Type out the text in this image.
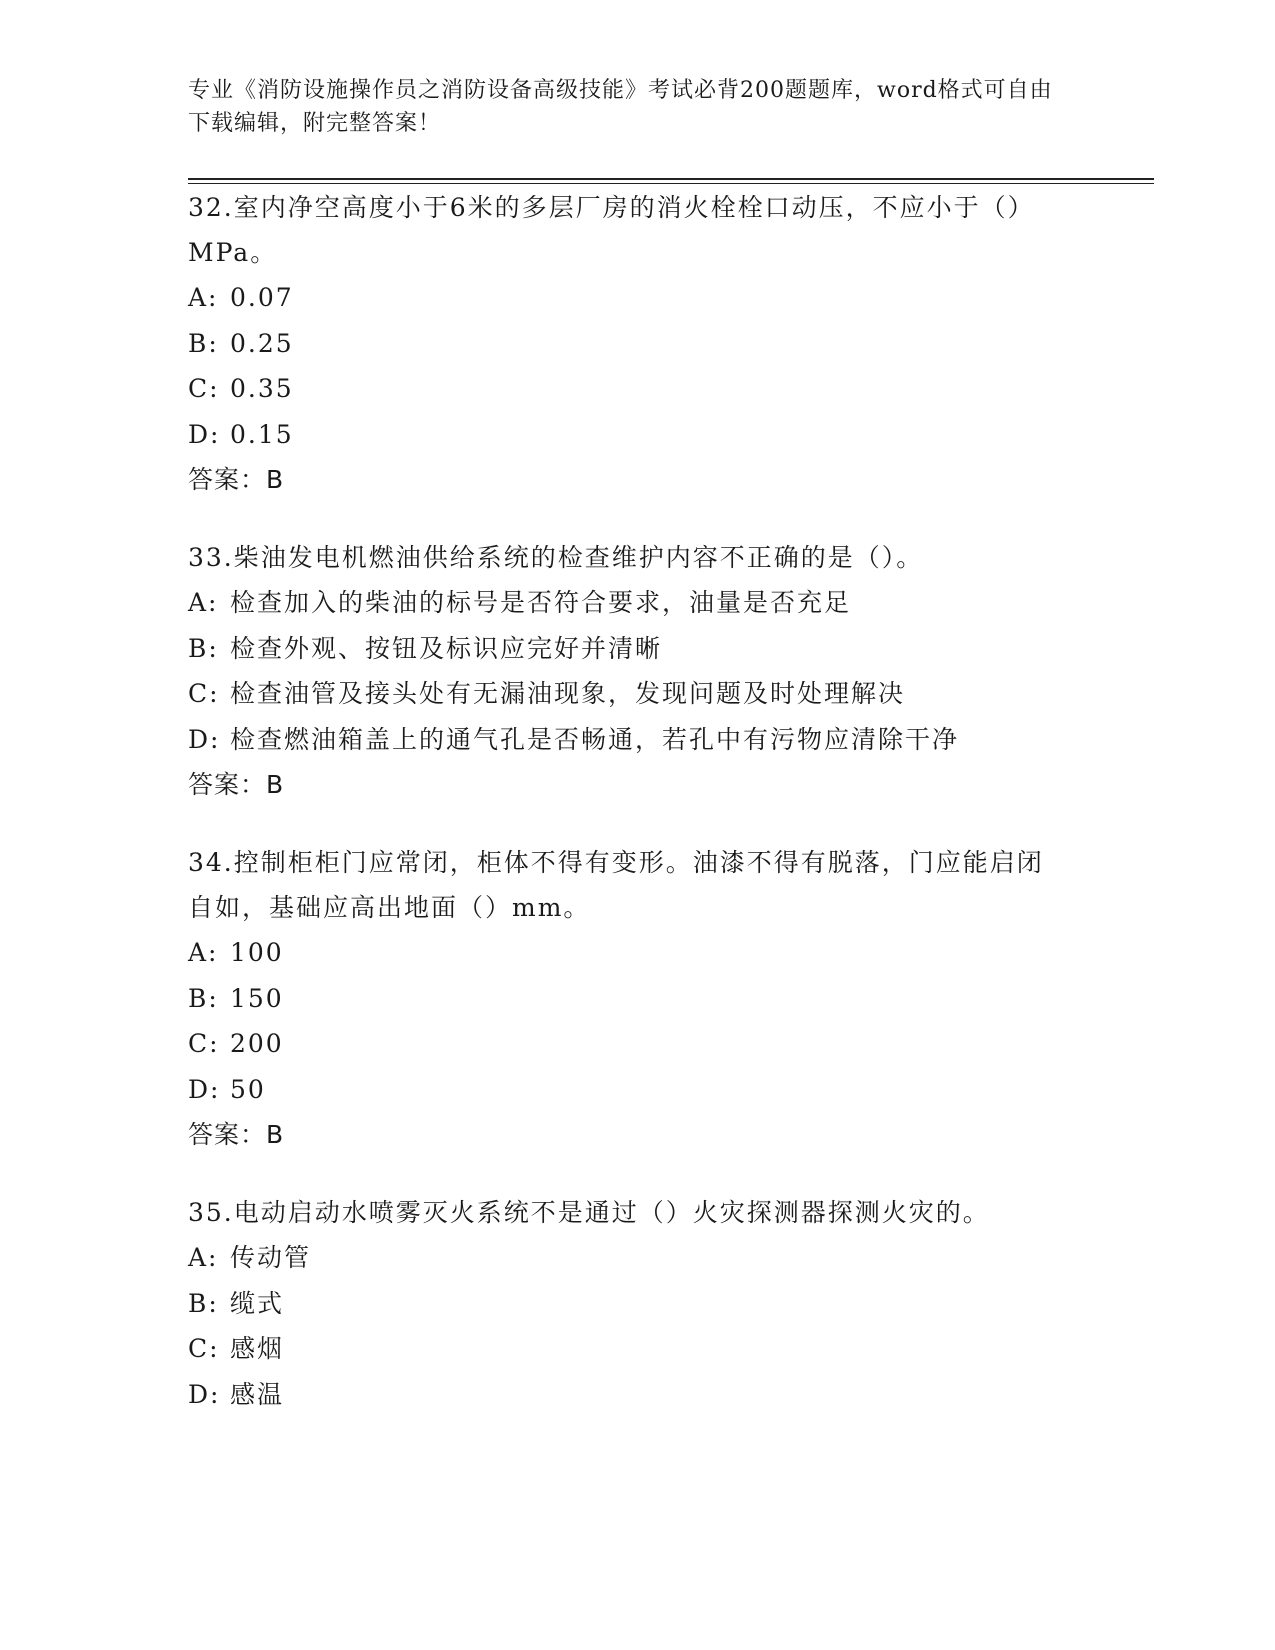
专业《消防设施操作员之消防设备高级技能》考试必背200题题库，word格式可自由下载编辑，附完整答案！

32.室内净空高度小于6米的多层厂房的消火栓栓口动压，不应小于（）MPa。

A: 0.07
B: 0.25
C: 0.35
D: 0.15
答案：B

33.柴油发电机燃油供给系统的检查维护内容不正确的是（）。

A: 检查加入的柴油的标号是否符合要求，油量是否充足
B: 检查外观、按钮及标识应完好并清晰
C: 检查油管及接头处有无漏油现象，发现问题及时处理解决
D: 检查燃油箱盖上的通气孔是否畅通，若孔中有污物应清除干净
答案：B

34.控制柜柜门应常闭，柜体不得有变形。油漆不得有脱落，门应能启闭自如，基础应高出地面（）mm。

A: 100
B: 150
C: 200
D: 50
答案：B

35.电动启动水喷雾灭火系统不是通过（）火灾探测器探测火灾的。

A: 传动管
B: 缆式
C: 感烟
D: 感温
